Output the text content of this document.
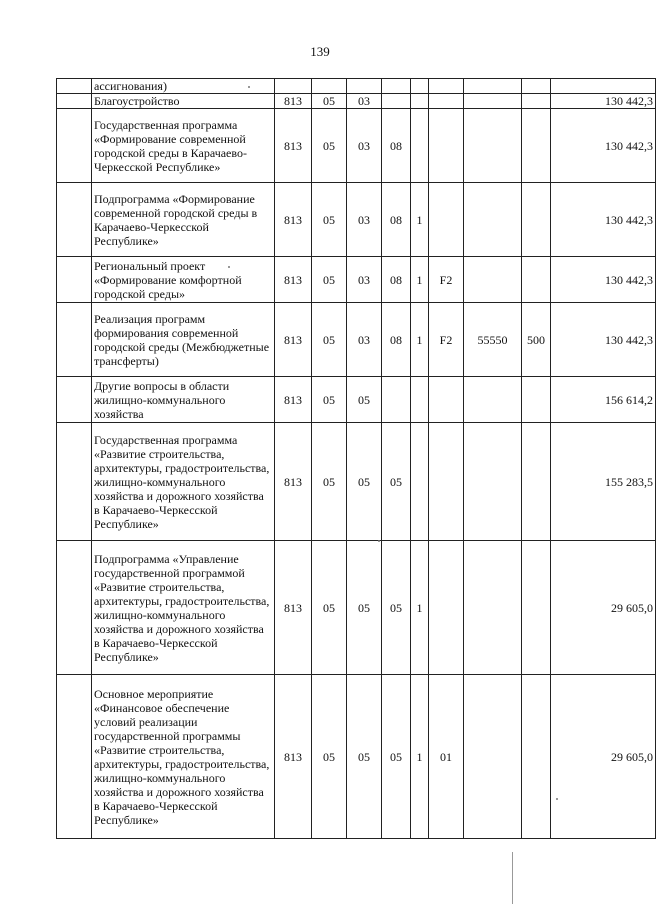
139
	ассигнования)									
	Благоустройство	813	05	03						130 442,3
	Государственная программа «Формирование современной городской среды в Карачаево-Черкесской Республике»	813	05	03	08					130 442,3
	Подпрограмма «Формирование современной городской среды в Карачаево-Черкесской Республике»	813	05	03	08	1				130 442,3
	Региональный проект «Формирование комфортной городской среды»	813	05	03	08	1	F2			130 442,3
	Реализация программ формирования современной городской среды (Межбюджетные трансферты)	813	05	03	08	1	F2	55550	500	130 442,3
	Другие вопросы в области жилищно-коммунального хозяйства	813	05	05						156 614,2
	Государственная программа «Развитие строительства, архитектуры, градостроительства, жилищно-коммунального хозяйства и дорожного хозяйства в Карачаево-Черкесской Республике»	813	05	05	05					155 283,5
	Подпрограмма «Управление государственной программой «Развитие строительства, архитектуры, градостроительства, жилищно-коммунального хозяйства и дорожного хозяйства в Карачаево-Черкесской Республике»	813	05	05	05	1				29 605,0
	Основное мероприятие «Финансовое обеспечение условий реализации государственной программы «Развитие строительства, архитектуры, градостроительства, жилищно-коммунального хозяйства и дорожного хозяйства в Карачаево-Черкесской Республике»	813	05	05	05	1	01			29 605,0
